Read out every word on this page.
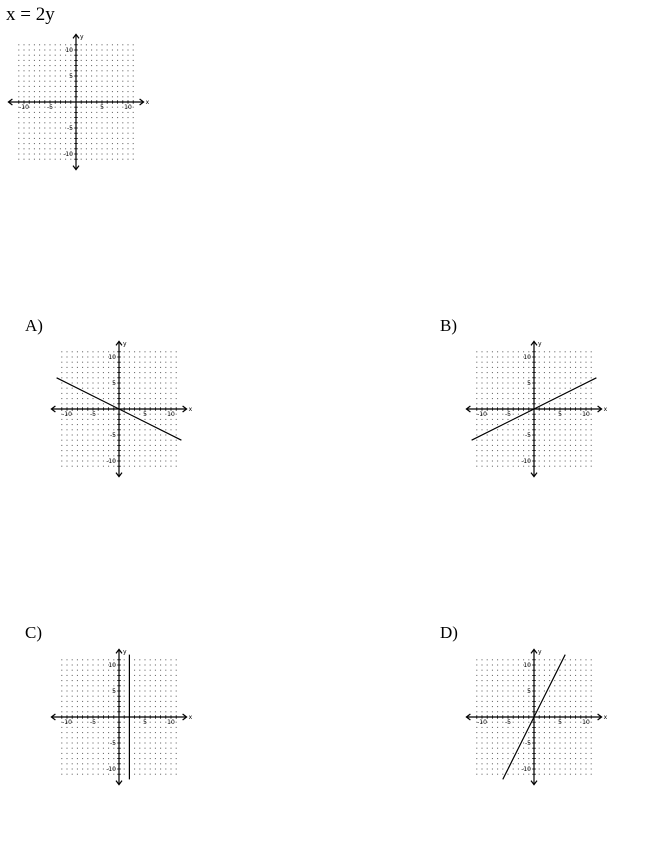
x = 2y
-10	-5	5	10
10
5
-5
-10
x
y
A)
-10	-5	5	10
10
5
-5
-10
x
y
B)
-10	-5	5	10
10
5
-5
-10
x
y
C)
-10	-5	5	10
10
5
-5
-10
x
y
D)
-10	-5	5	10
10
5
-5
-10
x
y
